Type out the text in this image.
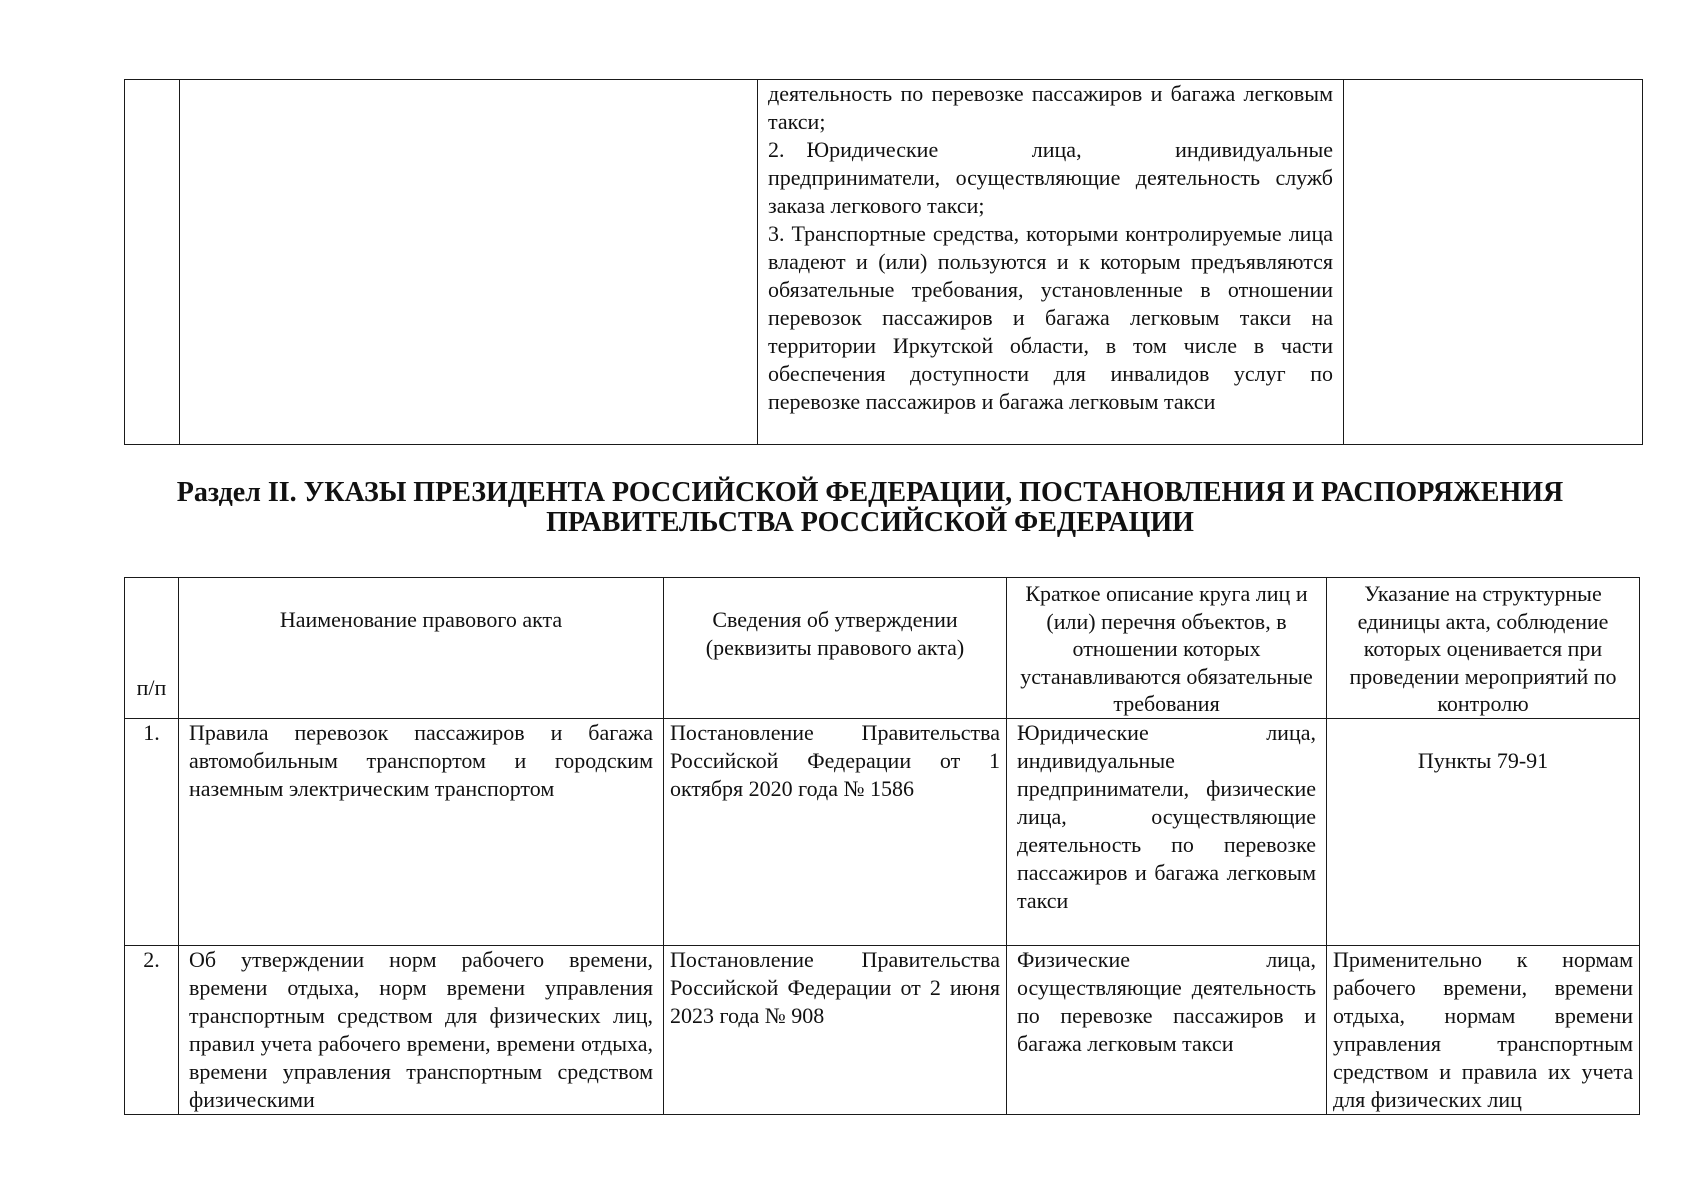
		деятельность по перевозке пассажиров и багажа легковым такси;
2. Юридические лица, индивидуальные предприниматели, осуществляющие деятельность служб заказа легкового такси;
3. Транспортные средства, которыми контролируемые лица владеют и (или) пользуются и к которым предъявляются обязательные требования, установленные в отношении перевозок пассажиров и багажа легковым такси на территории Иркутской области, в том числе в части обеспечения доступности для инвалидов услуг по перевозке пассажиров и багажа легковым такси	
Раздел II. УКАЗЫ ПРЕЗИДЕНТА РОССИЙСКОЙ ФЕДЕРАЦИИ, ПОСТАНОВЛЕНИЯ И РАСПОРЯЖЕНИЯ
ПРАВИТЕЛЬСТВА РОССИЙСКОЙ ФЕДЕРАЦИИ
п/п	Наименование правового акта	Сведения об утверждении (реквизиты правового акта)	Краткое описание круга лиц и (или) перечня объектов, в отношении которых устанавливаются обязательные требования	Указание на структурные единицы акта, соблюдение которых оценивается при проведении мероприятий по контролю
1.	Правила перевозок пассажиров и багажа автомобильным транспортом и городским наземным электрическим транспортом	Постановление Правительства Российской Федерации от 1 октября 2020 года № 1586	Юридические лица, индивидуальные предприниматели, физические лица, осуществляющие деятельность по перевозке пассажиров и багажа легковым такси	Пункты 79-91
2.	Об утверждении норм рабочего времени, времени отдыха, норм времени управления транспортным средством для физических лиц, правил учета рабочего времени, времени отдыха, времени управления транспортным средством физическими	Постановление Правительства Российской Федерации от 2 июня 2023 года № 908	Физические лица, осуществляющие деятельность по перевозке пассажиров и багажа легковым такси	Применительно к нормам рабочего времени, времени отдыха, нормам времени управления транспортным средством и правила их учета для физических лиц
